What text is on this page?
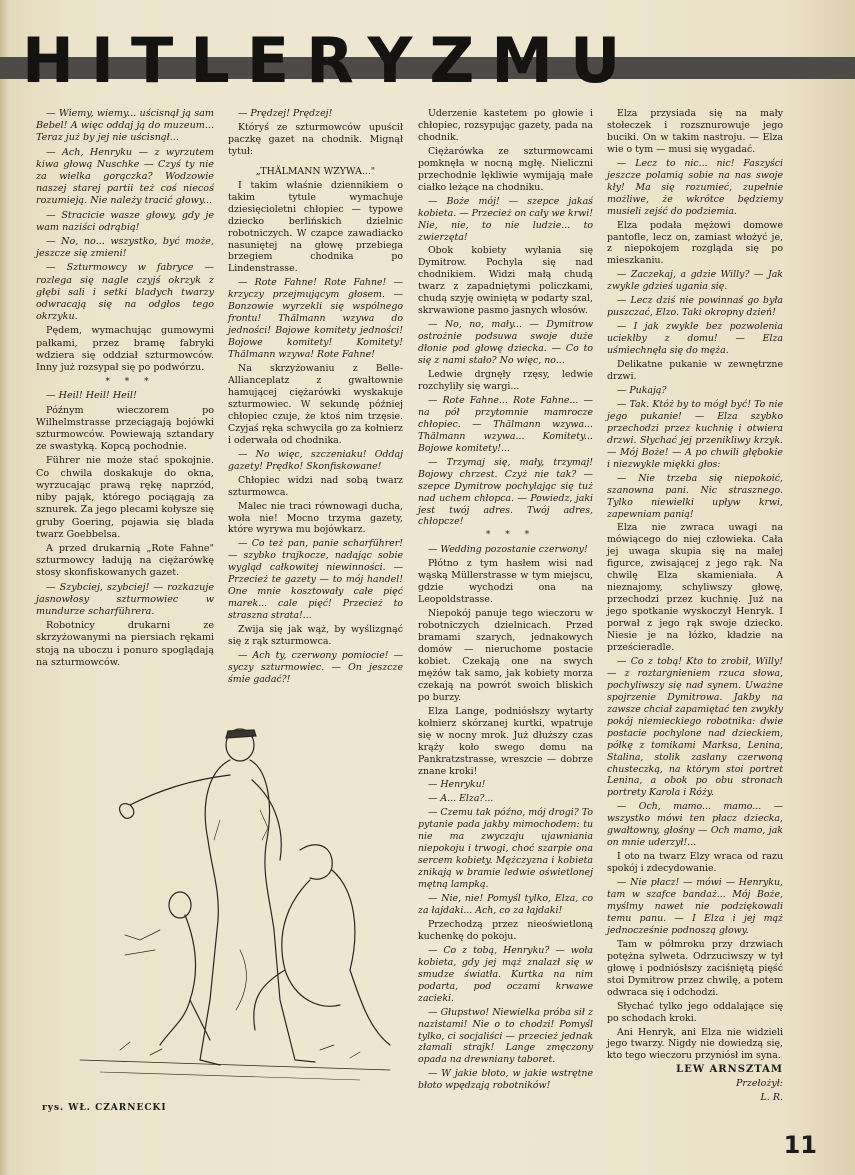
HITLERYZMU

— Wiemy, wiemy... uścisnął ją sam Bebel! A więc oddaj ją do muzeum... Teraz już by jej nie uścisnął...

— Ach, Henryku — z wyrzutem kiwa głową Nuschke — Czyś ty nie za wielka gorączka? Wodzowie naszej starej partii też coś niecoś rozumieją. Nie należy tracić głowy...

— Stracicie wasze głowy, gdy je wam naziści odrąbią!

— No, no... wszystko, być może, jeszcze się zmieni!

— Szturmowcy w fabryce — rozlega się nagle czyjś okrzyk z głębi sali i setki bladych twarzy odwracają się na odgłos tego okrzyku.

Pędem, wymachując gumowymi pałkami, przez bramę fabryki wdziera się oddział szturmowców. Inny już rozsypał się po podwórzu.

* * *

— Heil! Heil! Heil!

Późnym wieczorem po Wilhelmstrasse przeciągają bojówki szturmowców. Powiewają sztandary ze swastyką. Kopcą pochodnie.

Führer nie może stać spokojnie. Co chwila doskakuje do okna, wyrzucając prawą rękę naprzód, niby pająk, którego pociągają za sznurek. Za jego plecami kołysze się gruby Goering, pojawia się blada twarz Goebbelsa.

A przed drukarnią „Rote Fahne" szturmowcy ładują na ciężarówkę stosy skonfiskowanych gazet.

— Szybciej, szybciej! — rozkazuje jasnowłosy szturmowiec w mundurze scharführera.

Robotnicy drukarni ze skrzyżowanymi na piersiach rękami stoją na uboczu i ponuro spoglądają na szturmowców.

— Prędzej! Prędzej!

Któryś ze szturmowców upuścił paczkę gazet na chodnik. Mignął tytuł:

„THÄLMANN WZYWA..."

I takim właśnie dziennikiem o takim tytule wymachuje dziesięcioletni chłopiec — typowe dziecko berlińskich dzielnic robotniczych. W czapce zawadiacko nasuniętej na głowę przebiega brzegiem chodnika po Lindenstrasse.

— Rote Fahne! Rote Fahne! — krzyczy przejmującym głosem. — Bonzowie wyrzekli się wspólnego frontu! Thälmann wzywa do jedności! Bojowe komitety jedności! Bojowe komitety! Komitety! Thälmann wzywa! Rote Fahne!

Na skrzyżowaniu z Belle-Allianceplatz z gwałtownie hamującej ciężarówki wyskakuje szturmowiec. W sekundę później chłopiec czuje, że ktoś nim trzęsie. Czyjaś ręka schwyciła go za kołnierz i oderwała od chodnika.

— No więc, szczeniaku! Oddaj gazety! Prędko! Skonfiskowane!

Chłopiec widzi nad sobą twarz szturmowca.

Malec nie traci równowagi ducha, woła nie! Mocno trzyma gazety, które wyrywa mu bojówkarz.

— Co też pan, panie scharführer! — szybko trajkocze, nadając sobie wygląd całkowitej niewinności. — Przecież te gazety — to mój handel! One mnie kosztowały całe pięć marek... cale pięć! Przecież to straszna strata!...

Zwija się jak wąż, by wyślizgnąć się z rąk szturmowca.

— Ach ty, czerwony pomiocie! — syczy szturmowiec. — On jeszcze śmie gadać?!

Uderzenie kastetem po głowie i chłopiec, rozsypując gazety, pada na chodnik.

Ciężarówka ze szturmowcami pomknęła w nocną mgłę. Nieliczni przechodnie lękliwie wymijają małe ciałko leżące na chodniku.

— Boże mój! — szepce jakaś kobieta. — Przecież on cały we krwi! Nie, nie, to nie ludzie... to zwierzęta!

Obok kobiety wyłania się Dymitrow. Pochyla się nad chodnikiem. Widzi małą chudą twarz z zapadniętymi policzkami, chudą szyję owiniętą w podarty szal, skrwawione pasmo jasnych włosów.

— No, no, mały... — Dymitrow ostrożnie podsuwa swoje duże dłonie pod głowę dziecka. — Co to się z nami stało? No więc, no...

Ledwie drgnęły rzęsy, ledwie rozchyliły się wargi...

— Rote Fahne... Rote Fahne... — na pół przytomnie mamrocze chłopiec. — Thälmann wzywa... Thälmann wzywa... Komitety... Bojowe komitety!...

— Trzymaj się, mały, trzymaj! Bojowy chrzest. Czyż nie tak? — szepce Dymitrow pochylając się tuż nad uchem chłopca. — Powiedz, jaki jest twój adres. Twój adres, chłopcze!

* * *

— Wedding pozostanie czerwony!

Płótno z tym hasłem wisi nad wąską Müllerstrasse w tym miejscu, gdzie wychodzi ona na Leopoldstrasse.

Niepokój panuje tego wieczoru w robotniczych dzielnicach. Przed bramami szarych, jednakowych domów — nieruchome postacie kobiet. Czekają one na swych mężów tak samo, jak kobiety morza czekają na powrót swoich bliskich po burzy.

Elza Lange, podniósłszy wytarty kołnierz skórzanej kurtki, wpatruje się w nocny mrok. Już dłuższy czas krąży koło swego domu na Pankratzstrasse, wreszcie — dobrze znane kroki!

— Henryku!

— A... Elza?...

— Czemu tak późno, mój drogi? To pytanie pada jakby mimochodem: tu nie ma zwyczaju ujawniania niepokoju i trwogi, choć szarpie ona sercem kobiety. Mężczyzna i kobieta znikają w bramie ledwie oświetlonej mętną lampką.

— Nie, nie! Pomyśl tylko, Elza, co za łajdaki... Ach, co za łajdaki!

Przechodzą przez nieoświetloną kuchenkę do pokoju.

— Co z tobą, Henryku? — woła kobieta, gdy jej mąż znalazł się w smudze światła. Kurtka na nim podarta, pod oczami krwawe zacieki.

— Głupstwo! Niewielka próba sił z nazistami! Nie o to chodzi! Pomyśl tylko, ci socjaliści — przecież jednak złamali strajk! Lange zmęczony opada na drewniany taboret.

— W jakie błoto, w jakie wstrętne błoto wpędzają robotników!

Elza przysiada się na mały stołeczek i rozsznurowuje jego buciki. On w takim nastroju. — Elza wie o tym — musi się wygadać.

— Lecz to nic... nic! Faszyści jeszcze polamią sobie na nas swoje kły! Ma się rozumieć, zupełnie możliwe, że wkrótce będziemy musieli zejść do podziemia.

Elza podała mężowi domowe pantofle, lecz on, zamiast włożyć je, z niepokojem rozgląda się po mieszkaniu.

— Zaczekaj, a gdzie Willy? — Jak zwykle gdzieś ugania się.

— Lecz dziś nie powinnaś go była puszczać, Elzo. Taki okropny dzień!

— I jak zwykle bez pozwolenia uciekłby z domu! — Elza uśmiechnęła się do męża.

Delikatne pukanie w zewnętrzne drzwi.

— Pukają?

— Tak. Któż by to mógł być! To nie jego pukanie! — Elza szybko przechodzi przez kuchnię i otwiera drzwi. Słychać jej przenikliwy krzyk. — Mój Boże! — A po chwili głębokie i niezwykle miękki głos:

— Nie trzeba się niepokoić, szanowna pani. Nic strasznego. Tylko niewielki upływ krwi, zapewniam panią!

Elza nie zwraca uwagi na mówiącego do niej człowieka. Cała jej uwaga skupia się na małej figurce, zwisającej z jego rąk. Na chwilę Elza skamieniała. A nieznajomy, schyliwszy głowę, przechodzi przez kuchnię. Już na jego spotkanie wyskoczył Henryk. I porwał z jego rąk swoje dziecko. Niesie je na łóżko, kładzie na prześcieradle.

— Co z tobą! Kto to zrobił, Willy! — z roztargnieniem rzuca słowa, pochyliwszy się nad synem. Uważne spojrzenie Dymitrowa. Jakby na zawsze chciał zapamiętać ten zwykły pokój niemieckiego robotnika: dwie postacie pochylone nad dzieckiem, półkę z tomikami Marksa, Lenina, Stalina, stolik zasłany czerwoną chusteczką, na którym stoi portret Lenina, a obok po obu stronach portrety Karola i Róży.

— Och, mamo... mamo... — wszystko mówi ten płacz dziecka, gwałtowny, głośny — Och mamo, jak on mnie uderzył!...

I oto na twarz Elzy wraca od razu spokój i zdecydowanie.

— Nie płacz! — mówi — Henryku, tam w szafce bandaż... Mój Boże, myślmy nawet nie podziękowali temu panu. — I Elza i jej mąż jednocześnie podnoszą głowy.

Tam w półmroku przy drzwiach potężna sylweta. Odrzuciwszy w tył głowę i podniósłszy zaciśniętą pięść stoi Dymitrow przez chwilę, a potem odwraca się i odchodzi.

Słychać tylko jego oddalające się po schodach kroki.

Ani Henryk, ani Elza nie widzieli jego twarzy. Nigdy nie dowiedzą się, kto tego wieczoru przyniósł im syna.

LEW ARNSZTAM

Przełożył:

L. R.

rys. WŁ. CZARNECKI
11
